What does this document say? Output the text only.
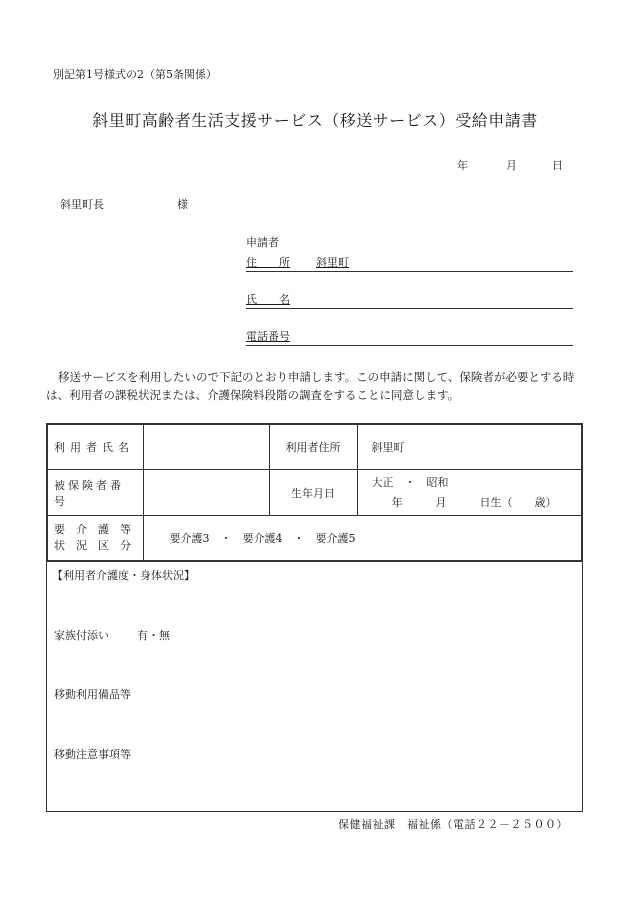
別記第1号様式の2（第5条関係）
斜里町高齢者生活支援サービス（移送サービス）受給申請書
年	月	日
斜里町長	様
申請者
住　　所 斜里町
氏　　名
電話番号

移送サービスを利用したいので下記のとおり申請します。この申請に関して、保険者が必要とする時は、利用者の課税状況または、介護保険料段階の調査をすることに同意します。

利用者氏名		利用者住所	斜里町
被保険者番号		生年月日	大正　・　昭和
年　　　月　　　日生（　　歳）

要　介　護　等
状　況　区　分	要介護3　・　要介護4　・　要介護5		
【利用者介護度・身体状況】
家族付添い	有・無
移動利用備品等
移動注意事項等
保健福祉課　福祉係（電話２２－２５００）
